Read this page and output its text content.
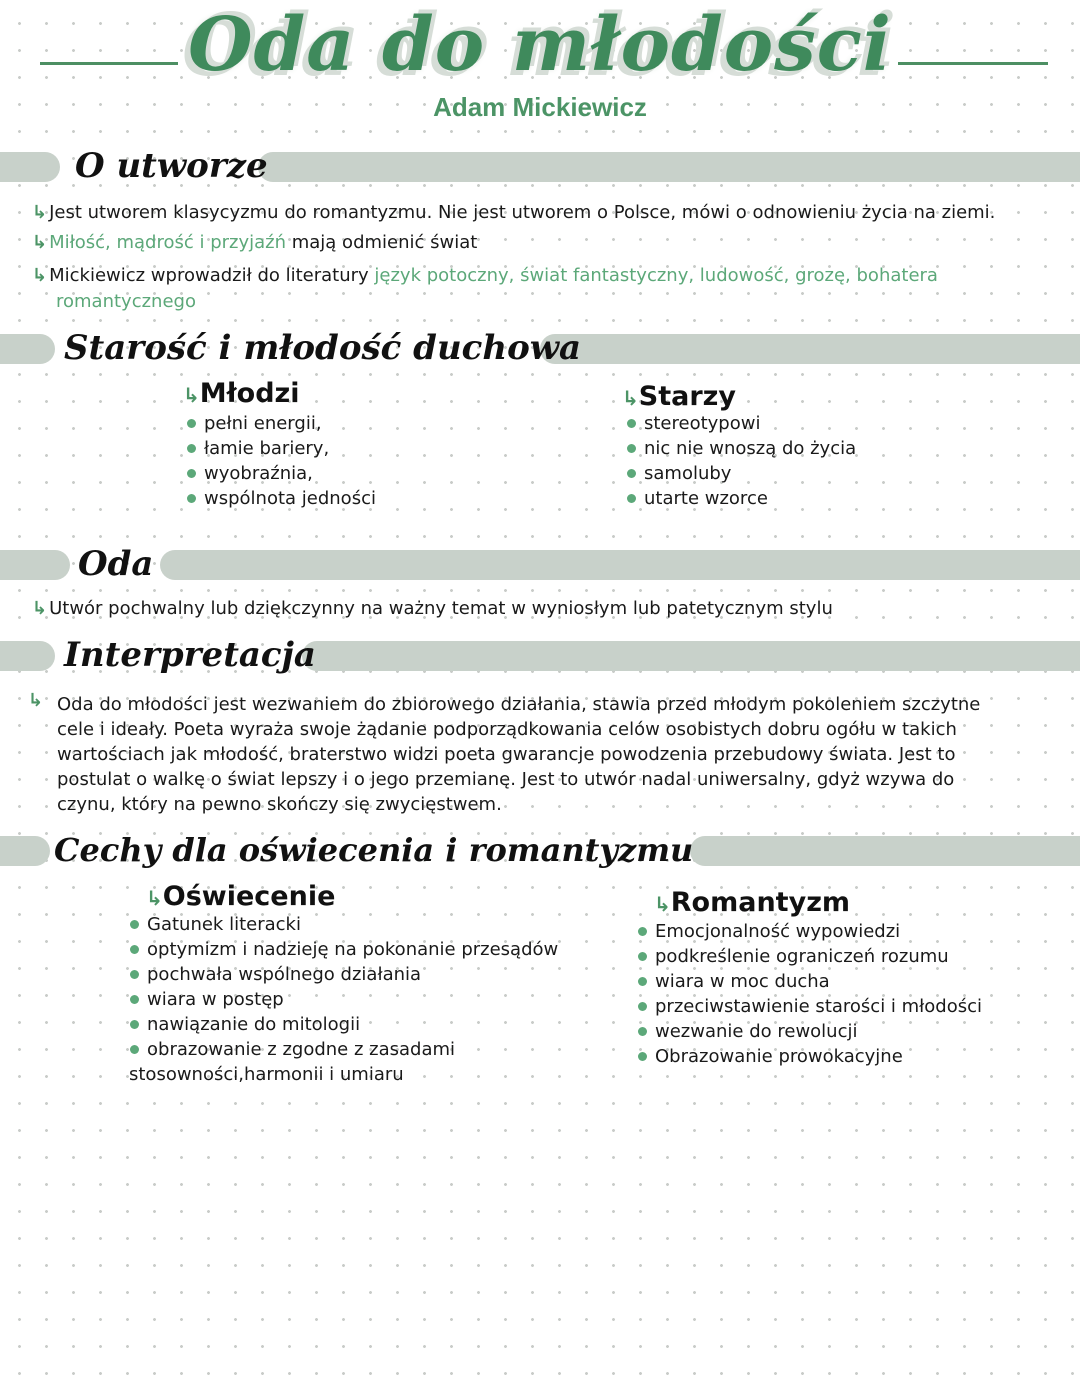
Oda do młodości
Adam Mickiewicz
O utworze
↳ Jest utworem klasycyzmu do romantyzmu. Nie jest utworem o Polsce, mówi o odnowieniu życia na ziemi.
↳ Miłość, mądrość i przyjaźń mają odmienić świat
↳ Mickiewicz wprowadził do literatury język potoczny, świat fantastyczny, ludowość, grozę, bohatera
romantycznego
Starość i młodość duchowa
↳Młodzi
pełni energii,
łamie bariery,
wyobraźnia,
wspólnota jedności
↳Starzy
stereotypowi
nic nie wnoszą do życia
samoluby
utarte wzorce
Oda
↳ Utwór pochwalny lub dziękczynny na ważny temat w wyniosłym lub patetycznym stylu
Interpretacja
↳ Oda do młodości jest wezwaniem do zbiorowego działania, stawia przed młodym pokoleniem szczytne
cele i ideały. Poeta wyraża swoje żądanie podporządkowania celów osobistych dobru ogółu w takich
wartościach jak młodość, braterstwo widzi poeta gwarancje powodzenia przebudowy świata. Jest to
postulat o walkę o świat lepszy i o jego przemianę. Jest to utwór nadal uniwersalny, gdyż wzywa do
czynu, który na pewno skończy się zwycięstwem.
Cechy dla oświecenia i romantyzmu
↳Oświecenie
Gatunek literacki
optymizm i nadzieję na pokonanie przesądów
pochwała wspólnego działania
wiara w postęp
nawiązanie do mitologii
obrazowanie z zgodne z zasadami
stosowności,harmonii i umiaru
↳Romantyzm
Emocjonalność wypowiedzi
podkreślenie ograniczeń rozumu
wiara w moc ducha
przeciwstawienie starości i młodości
wezwanie do rewolucji
Obrazowanie prowokacyjne
